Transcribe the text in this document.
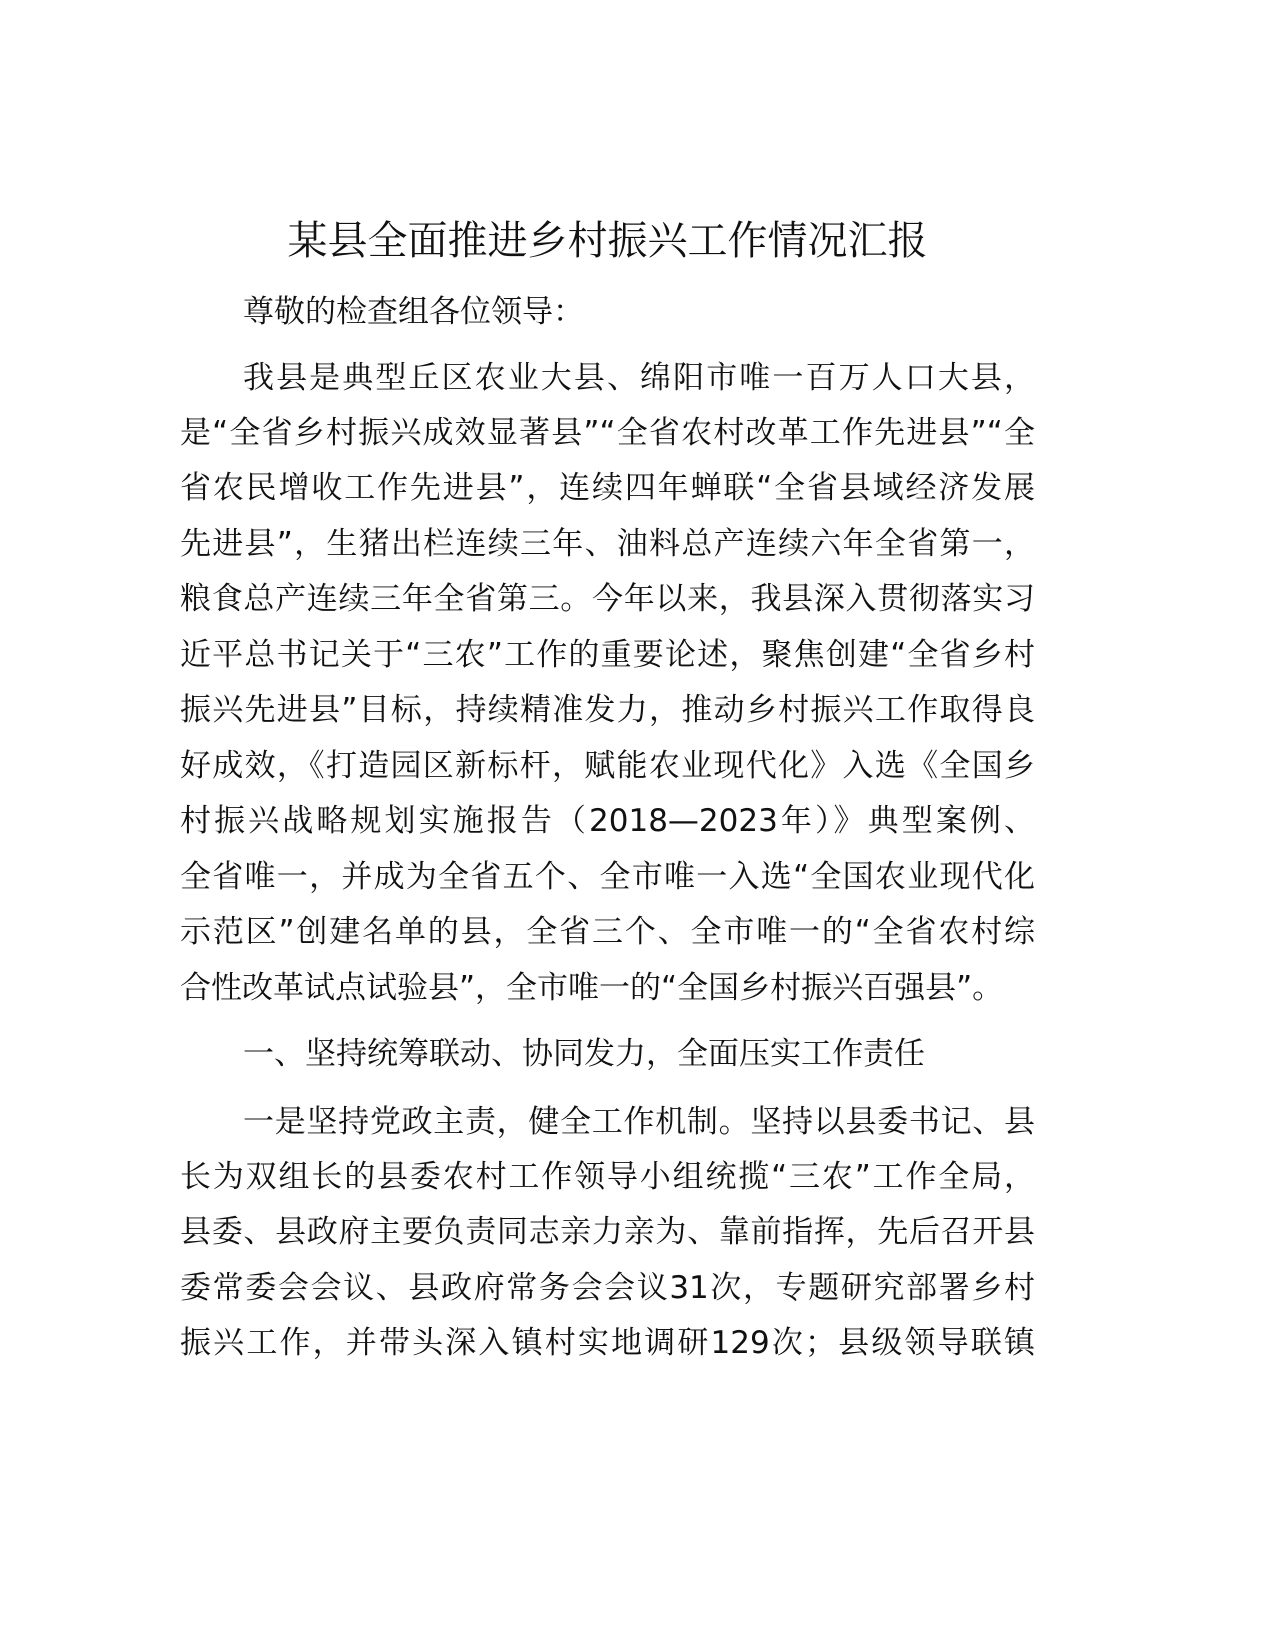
某县全面推进乡村振兴工作情况汇报
尊敬的检查组各位领导：
我县是典型丘区农业大县、绵阳市唯一百万人口大县，
是“全省乡村振兴成效显著县”“全省农村改革工作先进县”“全
省农民增收工作先进县”，连续四年蝉联“全省县域经济发展
先进县”，生猪出栏连续三年、油料总产连续六年全省第一，
粮食总产连续三年全省第三。今年以来，我县深入贯彻落实习
近平总书记关于“三农”工作的重要论述，聚焦创建“全省乡村
振兴先进县”目标，持续精准发力，推动乡村振兴工作取得良
好成效，《打造园区新标杆，赋能农业现代化》入选《全国乡
村振兴战略规划实施报告（2018—2023年）》典型案例、
全省唯一，并成为全省五个、全市唯一入选“全国农业现代化
示范区”创建名单的县，全省三个、全市唯一的“全省农村综
合性改革试点试验县”，全市唯一的“全国乡村振兴百强县”。
一、坚持统筹联动、协同发力，全面压实工作责任
一是坚持党政主责，健全工作机制。坚持以县委书记、县
长为双组长的县委农村工作领导小组统揽“三农”工作全局，
县委、县政府主要负责同志亲力亲为、靠前指挥，先后召开县
委常委会会议、县政府常务会会议31次，专题研究部署乡村
振兴工作，并带头深入镇村实地调研129次；县级领导联镇
